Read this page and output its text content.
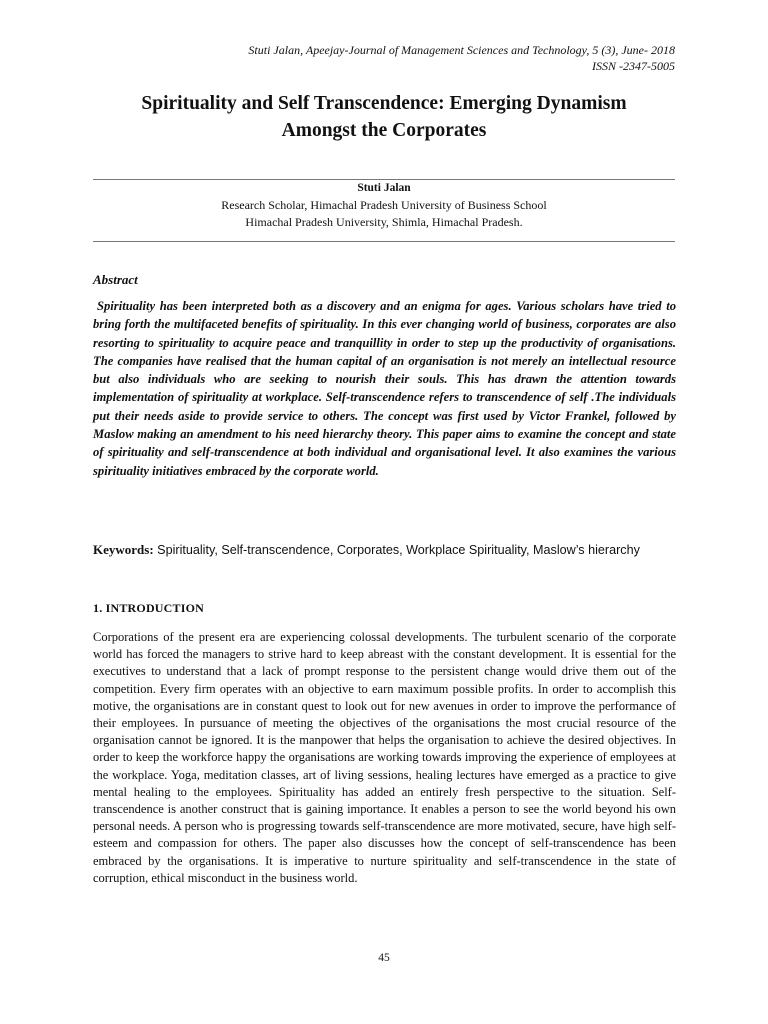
Stuti Jalan, Apeejay-Journal of Management Sciences and Technology, 5 (3), June- 2018
ISSN -2347-5005
Spirituality and Self Transcendence: Emerging Dynamism
Amongst the Corporates
Stuti Jalan
Research Scholar, Himachal Pradesh University of Business School
Himachal Pradesh University, Shimla, Himachal Pradesh.
Abstract

Spirituality has been interpreted both as a discovery and an enigma for ages. Various scholars have tried to bring forth the multifaceted benefits of spirituality. In this ever changing world of business, corporates are also resorting to spirituality to acquire peace and tranquillity in order to step up the productivity of organisations. The companies have realised that the human capital of an organisation is not merely an intellectual resource but also individuals who are seeking to nourish their souls. This has drawn the attention towards implementation of spirituality at workplace. Self-transcendence refers to transcendence of self .The individuals put their needs aside to provide service to others. The concept was first used by Victor Frankel, followed by Maslow making an amendment to his need hierarchy theory. This paper aims to examine the concept and state of spirituality and self-transcendence at both individual and organisational level. It also examines the various spirituality initiatives embraced by the corporate world.

Keywords: Spirituality, Self-transcendence, Corporates, Workplace Spirituality, Maslow’s hierarchy
1. INTRODUCTION

Corporations of the present era are experiencing colossal developments. The turbulent scenario of the corporate world has forced the managers to strive hard to keep abreast with the constant development. It is essential for the executives to understand that a lack of prompt response to the persistent change would drive them out of the competition. Every firm operates with an objective to earn maximum possible profits. In order to accomplish this motive, the organisations are in constant quest to look out for new avenues in order to improve the performance of their employees. In pursuance of meeting the objectives of the organisations the most crucial resource of the organisation cannot be ignored. It is the manpower that helps the organisation to achieve the desired objectives. In order to keep the workforce happy the organisations are working towards improving the experience of employees at the workplace. Yoga, meditation classes, art of living sessions, healing lectures have emerged as a practice to give mental healing to the employees. Spirituality has added an entirely fresh perspective to the situation. Self-transcendence is another construct that is gaining importance. It enables a person to see the world beyond his own personal needs. A person who is progressing towards self-transcendence are more motivated, secure, have high self-esteem and compassion for others. The paper also discusses how the concept of self-transcendence has been embraced by the organisations. It is imperative to nurture spirituality and self-transcendence in the state of corruption, ethical misconduct in the business world.

45
